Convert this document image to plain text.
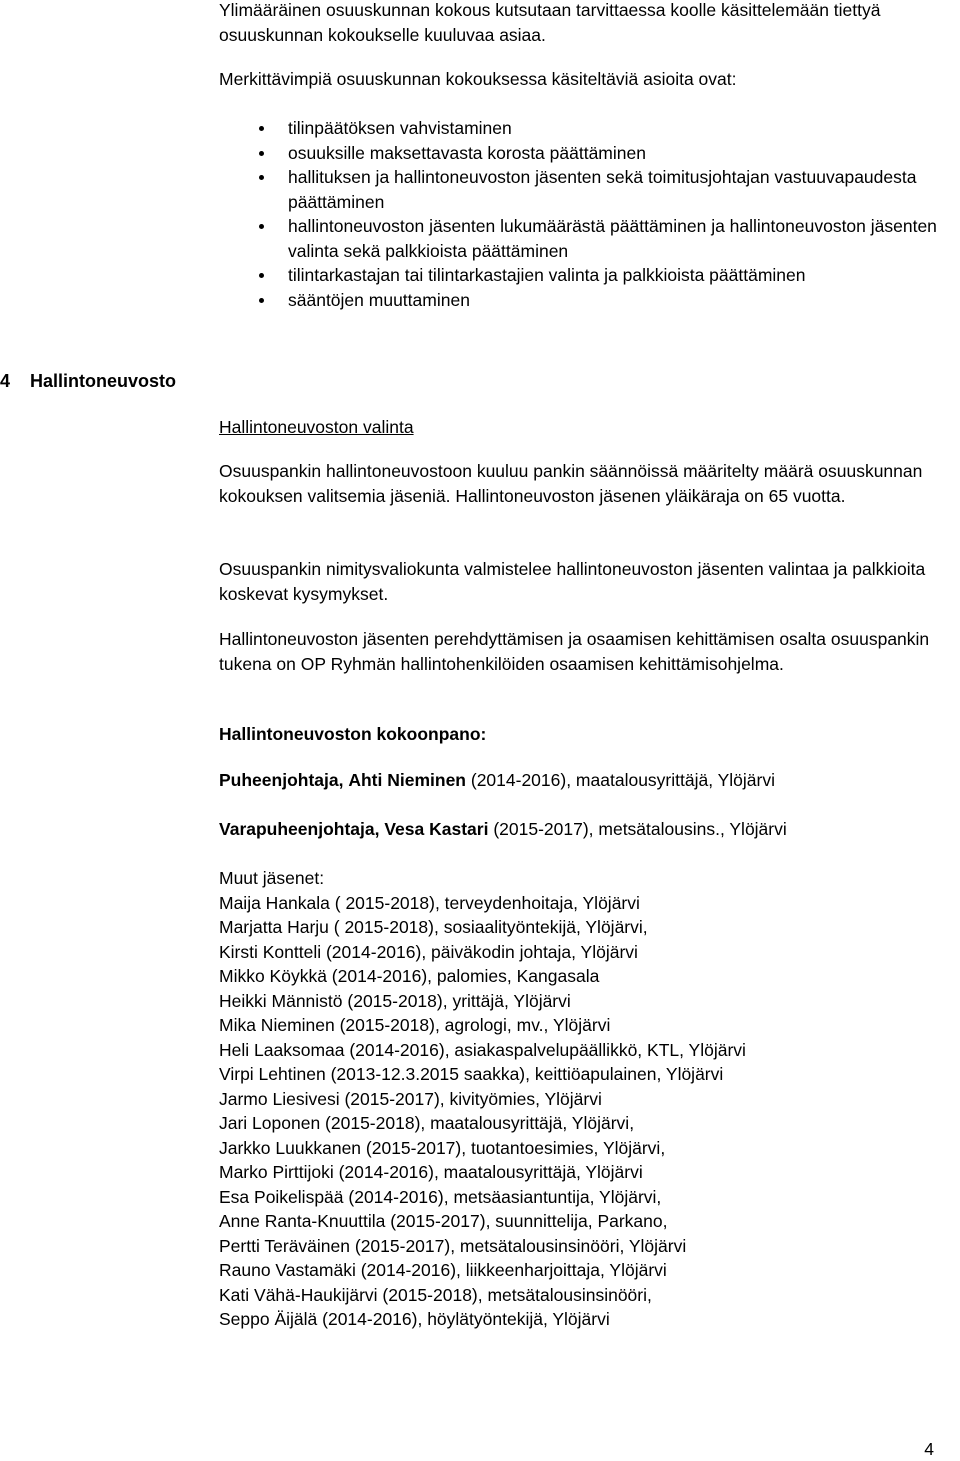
Ylimääräinen osuuskunnan kokous kutsutaan tarvittaessa koolle käsittelemään tiettyä osuuskunnan kokoukselle kuuluvaa asiaa.

Merkittävimpiä osuuskunnan kokouksessa käsiteltäviä asioita ovat:

tilinpäätöksen vahvistaminen
osuuksille maksettavasta korosta päättäminen
hallituksen ja hallintoneuvoston jäsenten sekä toimitusjohtajan vastuuvapaudesta päättäminen
hallintoneuvoston jäsenten lukumäärästä päättäminen ja hallintoneuvoston jäsenten valinta sekä palkkioista päättäminen
tilintarkastajan tai tilintarkastajien valinta ja palkkioista päättäminen
sääntöjen muuttaminen
4 Hallintoneuvosto
Hallintoneuvoston valinta

Osuuspankin hallintoneuvostoon kuuluu pankin säännöissä määritelty määrä osuuskunnan kokouksen valitsemia jäseniä. Hallintoneuvoston jäsenen yläikäraja on 65 vuotta.

Osuuspankin nimitysvaliokunta valmistelee hallintoneuvoston jäsenten valintaa ja palkkioita koskevat kysymykset.

Hallintoneuvoston jäsenten perehdyttämisen ja osaamisen kehittämisen osalta osuuspankin tukena on OP Ryhmän hallintohenkilöiden osaamisen kehittämisohjelma.

Hallintoneuvoston kokoonpano:
Puheenjohtaja, Ahti Nieminen (2014-2016), maatalousyrittäjä, Ylöjärvi
Varapuheenjohtaja, Vesa Kastari (2015-2017), metsätalousins., Ylöjärvi
Muut jäsenet:
Maija Hankala ( 2015-2018), terveydenhoitaja, Ylöjärvi
Marjatta Harju ( 2015-2018), sosiaalityöntekijä, Ylöjärvi,
Kirsti Kontteli (2014-2016), päiväkodin johtaja, Ylöjärvi
Mikko Köykkä (2014-2016), palomies, Kangasala
Heikki Männistö (2015-2018), yrittäjä, Ylöjärvi
Mika Nieminen (2015-2018), agrologi, mv., Ylöjärvi
Heli Laaksomaa (2014-2016), asiakaspalvelupäällikkö, KTL, Ylöjärvi
Virpi Lehtinen (2013-12.3.2015 saakka), keittiöapulainen, Ylöjärvi
Jarmo Liesivesi (2015-2017), kivityömies, Ylöjärvi
Jari Loponen (2015-2018), maatalousyrittäjä, Ylöjärvi,
Jarkko Luukkanen (2015-2017), tuotantoesimies, Ylöjärvi,
Marko Pirttijoki (2014-2016), maatalousyrittäjä, Ylöjärvi
Esa Poikelispää (2014-2016), metsäasiantuntija, Ylöjärvi,
Anne Ranta-Knuuttila (2015-2017), suunnittelija, Parkano,
Pertti Teräväinen (2015-2017), metsätalousinsinööri, Ylöjärvi
Rauno Vastamäki (2014-2016), liikkeenharjoittaja, Ylöjärvi
Kati Vähä-Haukijärvi (2015-2018), metsätalousinsinööri,
Seppo Äijälä (2014-2016), höylätyöntekijä, Ylöjärvi
4
